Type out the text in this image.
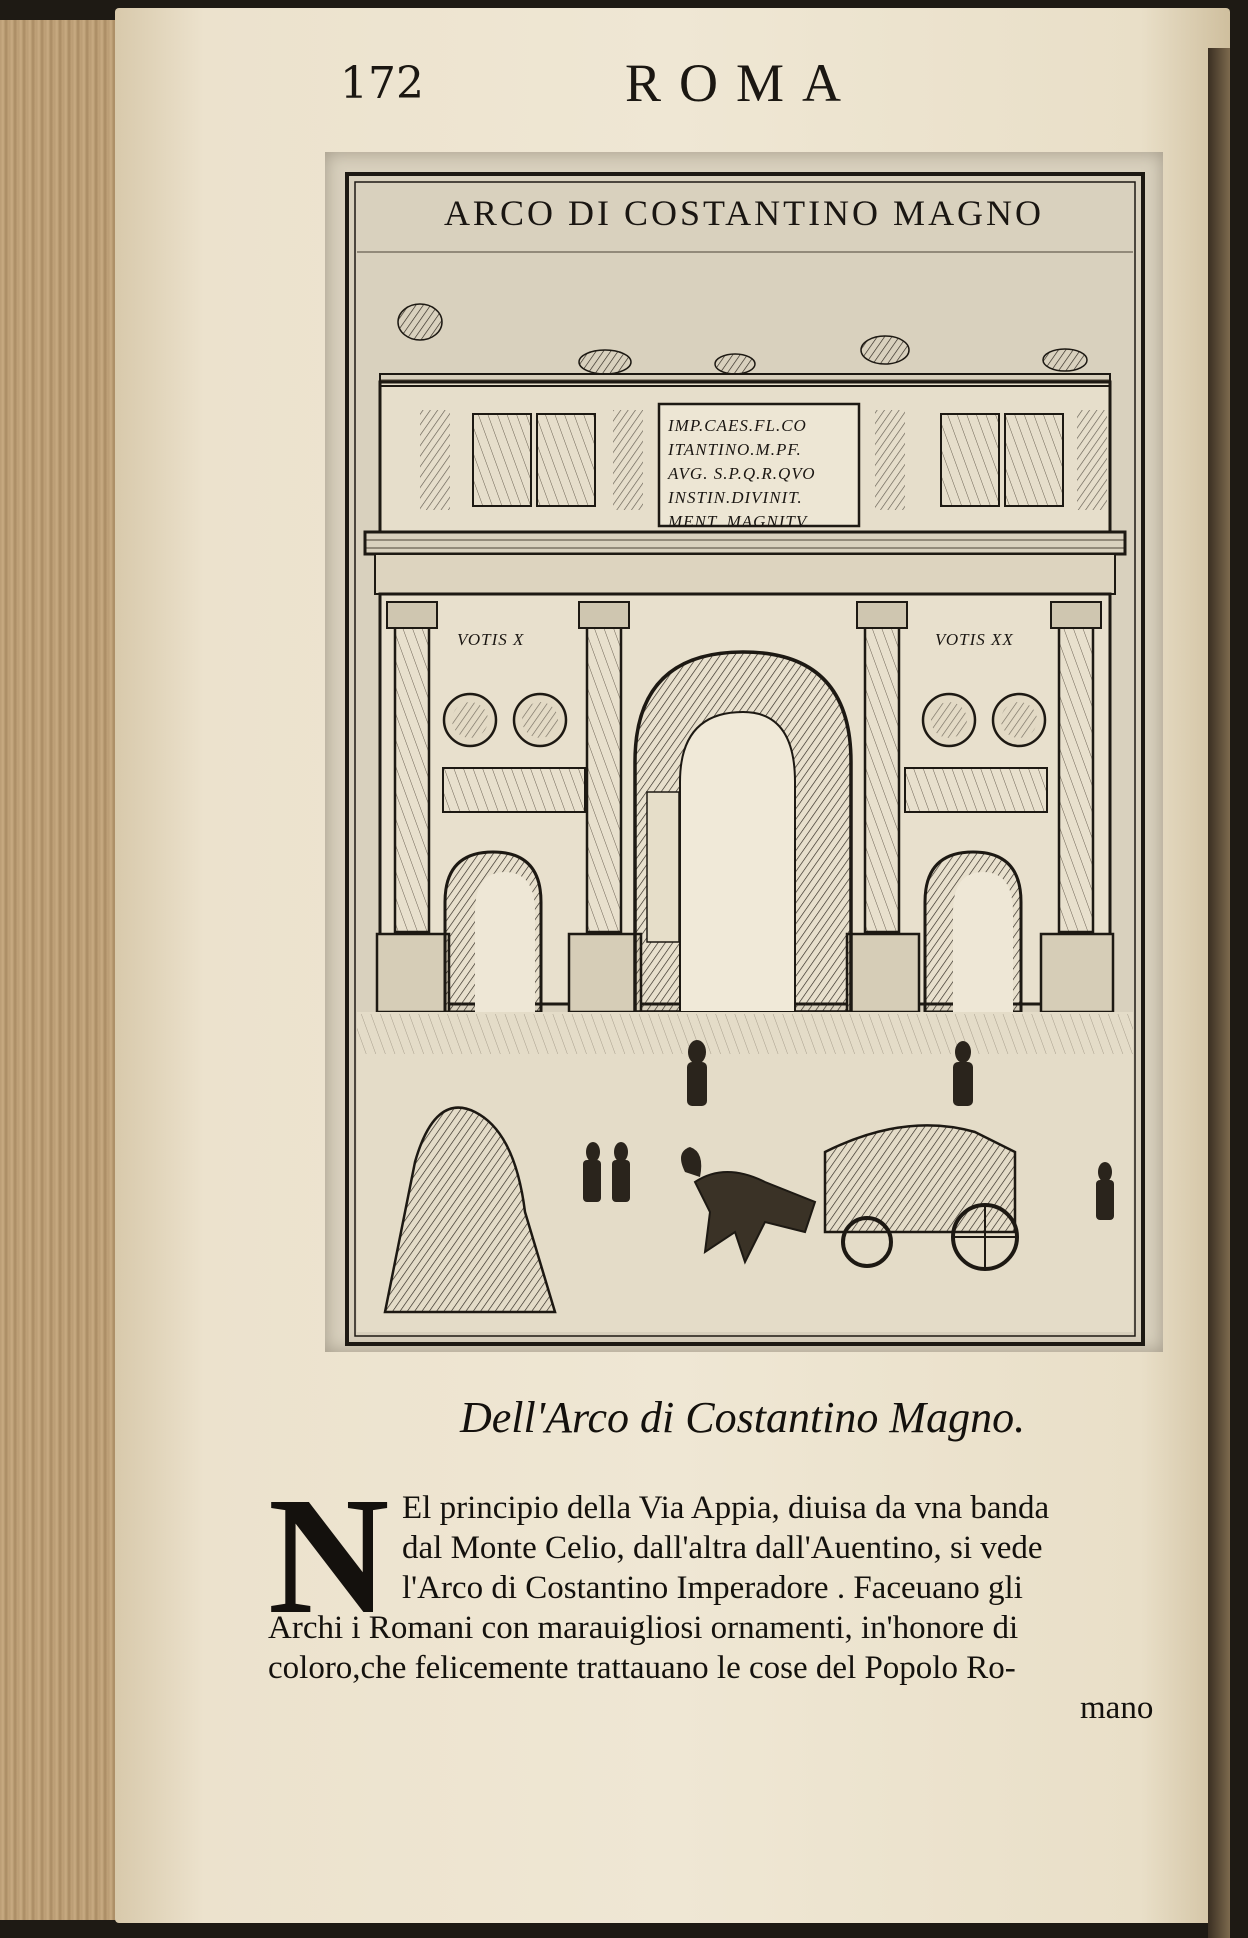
172	ROMA
ARCO DI COSTANTINO MAGNO
IMP.CAES.FL.CO
ITANTINO.M.PF.
AVG. S.P.Q.R.QVO
INSTIN.DIVINIT.
MENT. MAGNITV.
VOTIS X	VOTIS XX
Dell'Arco di Costantino Magno.
N El principio della Via Appia, diuisa da vna banda
dal Monte Celio, dall'altra dall'Auentino, si vede
l'Arco di Costantino Imperadore . Faceuano gli
Archi i Romani con marauigliosi ornamenti, in'honore di
coloro,che felicemente trattauano le cose del Popolo Ro-
mano
